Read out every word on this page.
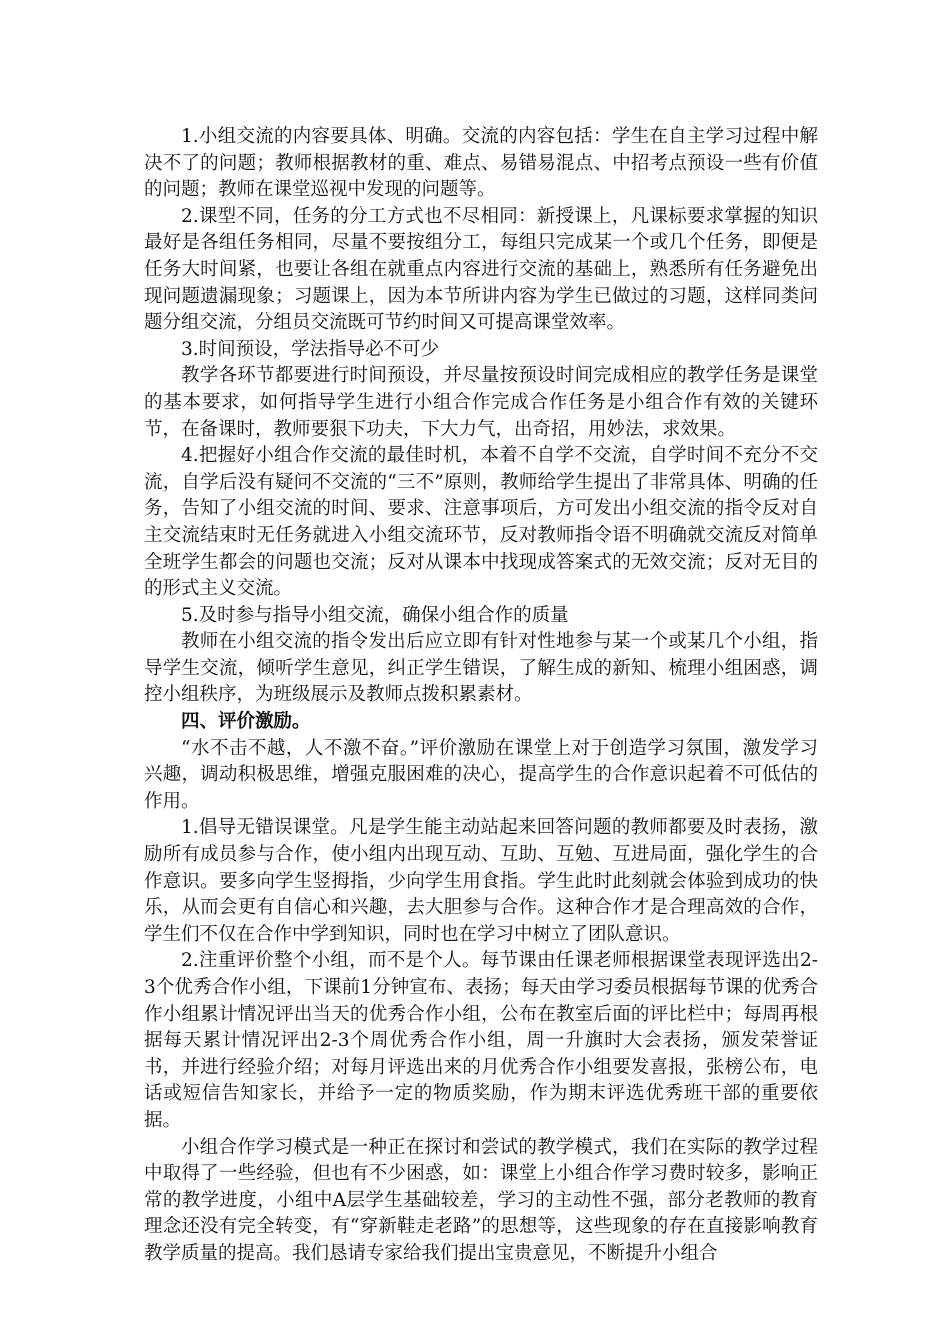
1.小组交流的内容要具体、明确。交流的内容包括：学生在自主学习过程中解决不了的问题；教师根据教材的重、难点、易错易混点、中招考点预设一些有价值的问题；教师在课堂巡视中发现的问题等。

2.课型不同，任务的分工方式也不尽相同：新授课上，凡课标要求掌握的知识最好是各组任务相同，尽量不要按组分工，每组只完成某一个或几个任务，即便是任务大时间紧，也要让各组在就重点内容进行交流的基础上，熟悉所有任务避免出现问题遗漏现象；习题课上，因为本节所讲内容为学生已做过的习题，这样同类问题分组交流，分组员交流既可节约时间又可提高课堂效率。

3.时间预设，学法指导必不可少

教学各环节都要进行时间预设，并尽量按预设时间完成相应的教学任务是课堂的基本要求，如何指导学生进行小组合作完成合作任务是小组合作有效的关键环节，在备课时，教师要狠下功夫，下大力气，出奇招，用妙法，求效果。

4.把握好小组合作交流的最佳时机，本着不自学不交流，自学时间不充分不交流，自学后没有疑问不交流的“三不”原则，教师给学生提出了非常具体、明确的任务，告知了小组交流的时间、要求、注意事项后，方可发出小组交流的指令反对自主交流结束时无任务就进入小组交流环节，反对教师指令语不明确就交流反对简单全班学生都会的问题也交流；反对从课本中找现成答案式的无效交流；反对无目的的形式主义交流。

5.及时参与指导小组交流，确保小组合作的质量

教师在小组交流的指令发出后应立即有针对性地参与某一个或某几个小组，指导学生交流，倾听学生意见，纠正学生错误，了解生成的新知、梳理小组困惑，调控小组秩序，为班级展示及教师点拨积累素材。

四、评价激励。

“水不击不越，人不激不奋。”评价激励在课堂上对于创造学习氛围，激发学习兴趣，调动积极思维，增强克服困难的决心，提高学生的合作意识起着不可低估的作用。

1.倡导无错误课堂。凡是学生能主动站起来回答问题的教师都要及时表扬，激励所有成员参与合作，使小组内出现互动、互助、互勉、互进局面，强化学生的合作意识。要多向学生竖拇指，少向学生用食指。学生此时此刻就会体验到成功的快乐，从而会更有自信心和兴趣，去大胆参与合作。这种合作才是合理高效的合作，学生们不仅在合作中学到知识，同时也在学习中树立了团队意识。

2.注重评价整个小组，而不是个人。每节课由任课老师根据课堂表现评选出2-3个优秀合作小组，下课前1分钟宣布、表扬；每天由学习委员根据每节课的优秀合作小组累计情况评出当天的优秀合作小组，公布在教室后面的评比栏中；每周再根据每天累计情况评出2-3个周优秀合作小组，周一升旗时大会表扬，颁发荣誉证书，并进行经验介绍；对每月评选出来的月优秀合作小组要发喜报，张榜公布，电话或短信告知家长，并给予一定的物质奖励，作为期末评选优秀班干部的重要依据。

小组合作学习模式是一种正在探讨和尝试的教学模式，我们在实际的教学过程中取得了一些经验，但也有不少困惑，如：课堂上小组合作学习费时较多，影响正常的教学进度，小组中A层学生基础较差，学习的主动性不强，部分老教师的教育理念还没有完全转变，有“穿新鞋走老路”的思想等，这些现象的存在直接影响教育教学质量的提高。我们恳请专家给我们提出宝贵意见，不断提升小组合
